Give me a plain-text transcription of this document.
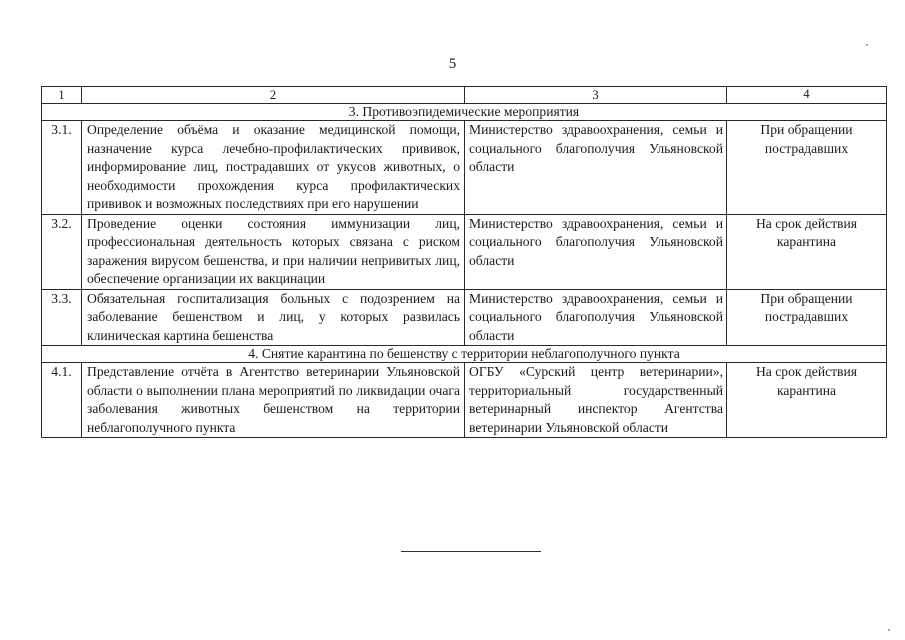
5
1	2	3	4
3. Противоэпидемические мероприятия			
3.1.	Определение объёма и оказание медицинской помощи, назначение курса лечебно-профилактических прививок, информирование лиц, пострадавших от укусов животных, о необходимости прохождения курса профилактических прививок и возможных последствиях при его нарушении	Министерство здравоохранения, семьи и социального благополучия Ульяновской области	При обращении пострадавших
3.2.	Проведение оценки состояния иммунизации лиц, профессиональная деятельность которых связана с риском заражения вирусом бешенства, и при наличии непривитых лиц, обеспечение организации их вакцинации	Министерство здравоохранения, семьи и социального благополучия Ульяновской области	На срок действия карантина
3.3.	Обязательная госпитализация больных с подозрением на заболевание бешенством и лиц, у которых развилась клиническая картина бешенства	Министерство здравоохранения, семьи и социального благополучия Ульяновской области	При обращении пострадавших
4. Снятие карантина по бешенству с территории неблагополучного пункта			
4.1.	Представление отчёта в Агентство ветеринарии Ульяновской области о выполнении плана мероприятий по ликвидации очага заболевания животных бешенством на территории неблагополучного пункта	ОГБУ «Сурский центр ветеринарии», территориальный государственный ветеринарный инспектор Агентства ветеринарии Ульяновской области	На срок действия карантина
